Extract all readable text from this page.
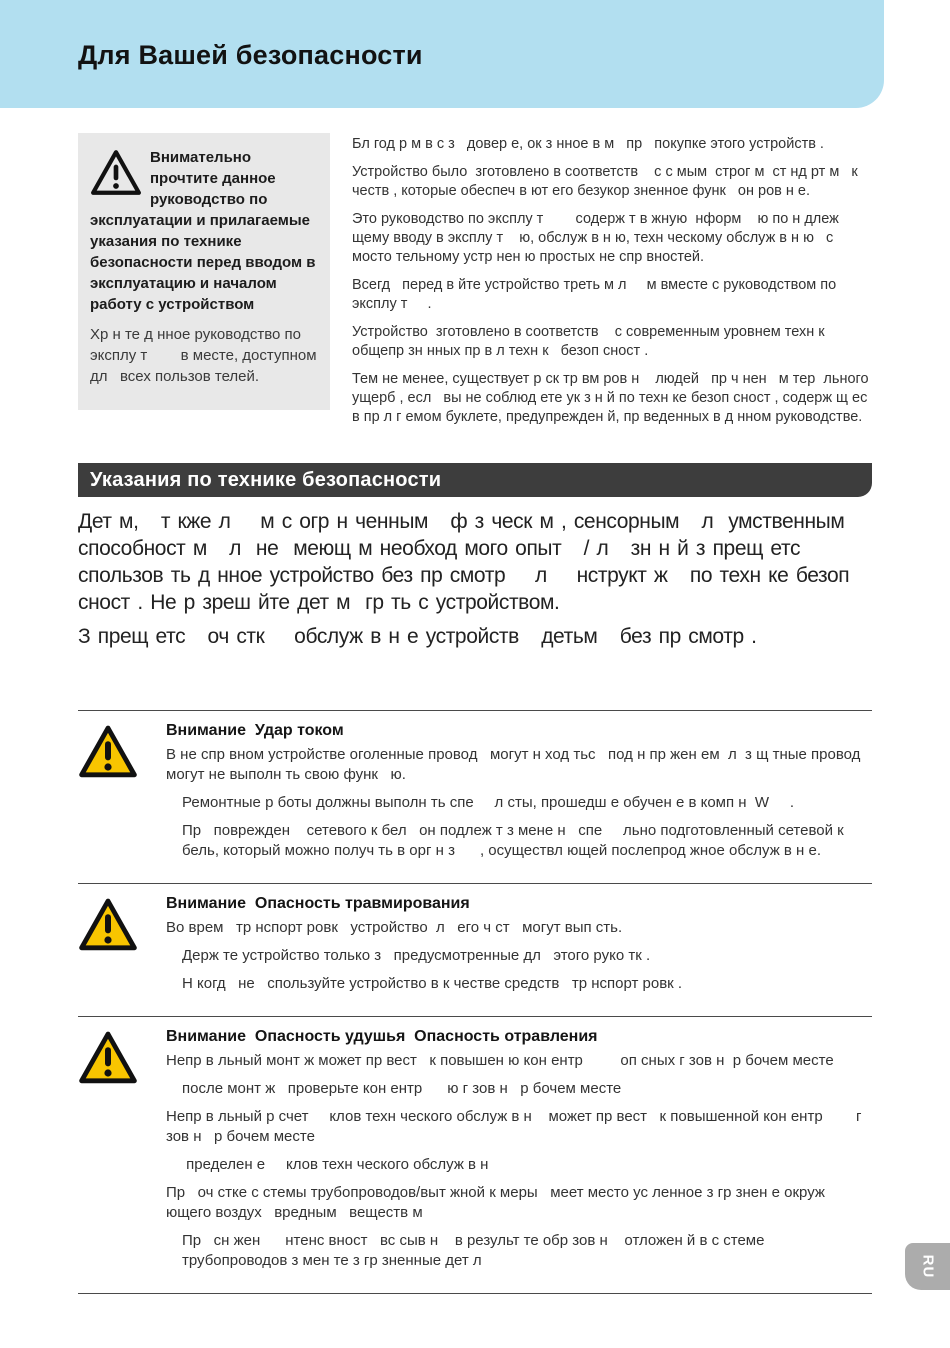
Для Вашей безопасности

Внимательно прочтите данное руководство по эксплуатации и прилагаемые указания по технике безопасности перед вводом в эксплуатацию и началом работу с устройством

Хр н те д нное руководство по эксплу т        в месте, доступном дл   всех пользов телей.

Бл год р м в с з   довер е, ок з нное в м   пр   покупке этого устройств .

Устройство было  зготовлено в соответств    с с мым  строг м  ст нд рт м   к честв , которые обеспеч в ют его безукор зненное функ   он ров н е.

Это руководство по эксплу т        содерж т в жную  нформ    ю по н длеж щему вводу в эксплу т    ю, обслуж в н ю, техн ческому обслуж в н ю   с мосто тельному устр нен ю простых не спр вностей.

Всегд   перед в йте устройство треть м л     м вместе с руководством по эксплу т     .

Устройство  зготовлено в соответств    с современным уровнем техн к    общепр зн нных пр в л техн к   безоп сност .

Тем не менее, существует р ск тр вм ров н    людей   пр ч нен   м тер  льного ущерб , есл   вы не соблюд ете ук з н й по техн ке безоп сност , содерж щ ес   в пр л г емом буклете, предупрежден й, пр веденных в д нном руководстве.

Указания по технике безопасности

Дет м,   т кже л    м с огр н ченным   ф з ческ м , сенсорным   л  умственным  способност м   л  не  меющ м необход мого опыт   / л   зн н й з прещ етс    спользов ть д нное устройство без пр смотр    л    нструкт ж   по техн ке безоп сност . Не р зреш йте дет м  гр ть с устройством.

З прещ етс   оч стк    обслуж в н е устройств   детьм   без пр смотр .

Внимание  Удар током

В не спр вном устройстве оголенные провод   могут н ход тьс   под н пр жен ем  л  з щ тные провод   могут не выполн ть свою функ   ю.

Ремонтные р боты должны выполн ть спе     л сты, прошедш е обучен е в комп н  W     .

Пр   поврежден    сетевого к бел   он подлеж т з мене н   спе     льно подготовленный сетевой к бель, который можно получ ть в орг н з      , осуществл ющей послепрод жное обслуж в н е.

Внимание  Опасность травмирования

Во врем   тр нспорт ровк   устройство  л   его ч ст   могут вып сть.

Держ те устройство только з   предусмотренные дл   этого руко тк .

Н когд   не   спользуйте устройство в к честве средств   тр нспорт ровк .

Внимание  Опасность удушья  Опасность отравления

Непр в льный монт ж может пр вест   к повышен ю кон ентр         оп сных г зов н  р бочем месте

после монт ж   проверьте кон ентр      ю г зов н   р бочем месте

Непр в льный р счет     клов техн ческого обслуж в н    может пр вест   к повышенной кон ентр        г зов н   р бочем месте

пределен е     клов техн ческого обслуж в н

Пр   оч стке с стемы трубопроводов/выт жной к меры   меет место ус ленное з гр знен е окруж ющего воздух   вредным   веществ м

Пр   сн жен      нтенс вност   вс сыв н    в результ те обр зов н    отложен й в с стеме трубопроводов з мен те з гр зненные дет л	RU
